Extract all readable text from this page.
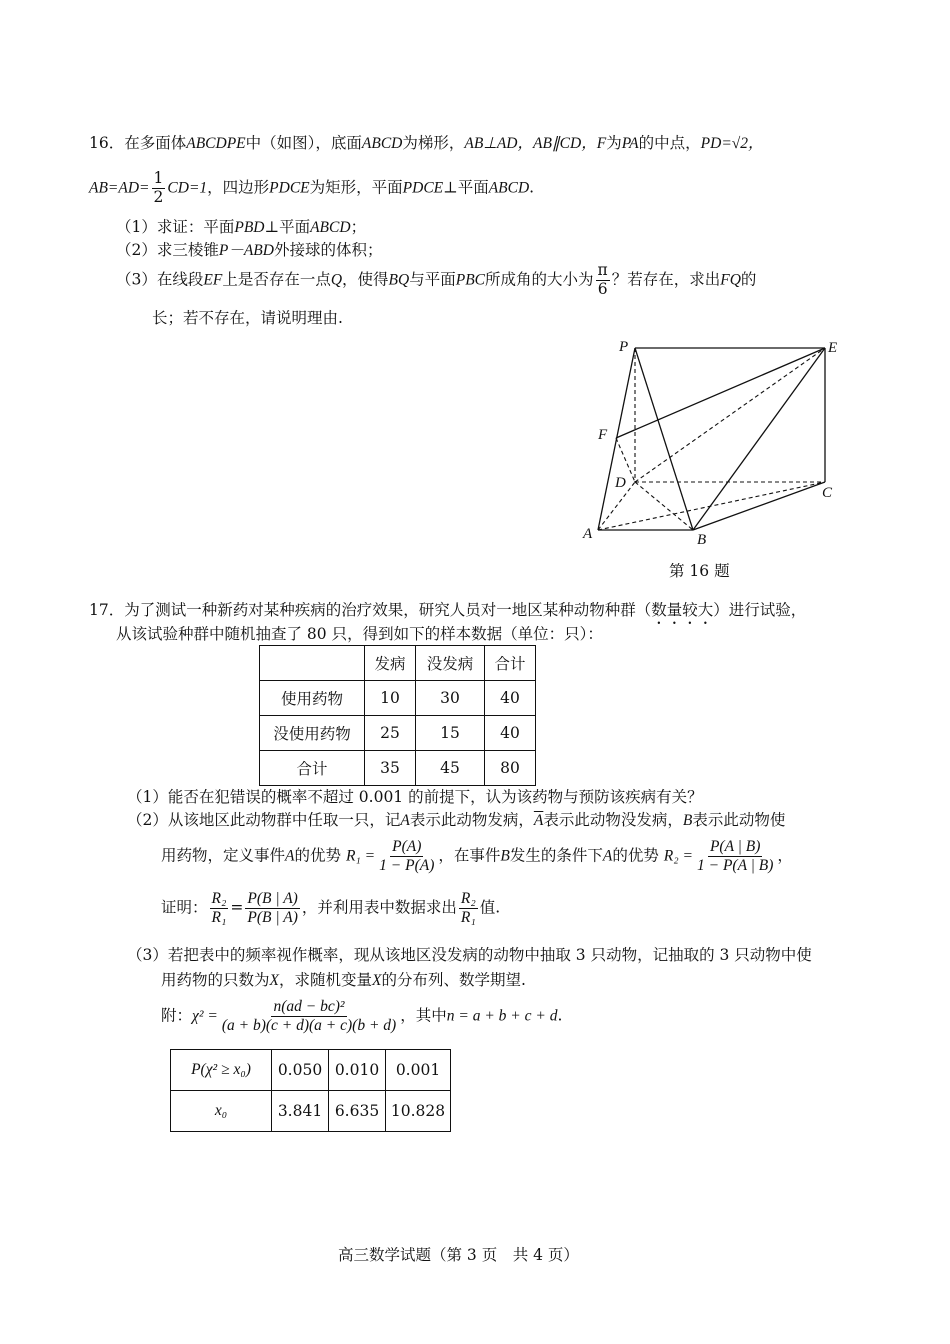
16．在多面体ABCDPE中（如图），底面ABCD为梯形，AB⊥AD，AB∥CD，F为PA的中点，PD=√2，
$AB=AD= \frac{1}{2} CD=1$，四边形PDCE为矩形，平面PDCE⊥平面ABCD.
（1）求证：平面PBD⊥平面ABCD；
（2）求三棱锥P－ABD外接球的体积；
（3）在线段EF上是否存在一点Q，使得BQ与平面PBC所成角的大小为 $\frac{\pi}{6}$ ？若存在，求出FQ的
长；若不存在，请说明理由.
P	E
F
D
C
A	B
第 16 题
17．为了测试一种新药对某种疾病的治疗效果，研究人员对一地区某种动物种群（数量较大）进行试验，
从该试验种群中随机抽查了 80 只，得到如下的样本数据（单位：只）：
	发病	没发病	合计
使用药物	10	30	40
没使用药物	25	15	40
合计	35	45	80
（1）能否在犯错误的概率不超过 0.001 的前提下，认为该药物与预防该疾病有关？
（2）从该地区此动物群中任取一只，记A表示此动物发病，$\overline{A}$表示此动物没发病，B表示此动物使
用药物，定义事件A的优势 $R_1 = \frac{P(A)}{1 - P(A)}$ ，在事件B发生的条件下A的优势 $R_2 = \frac{P(A | B)}{1 - P(A | B)}$ ，
证明： $\frac{\text{R₂}}{\text{R₁}} = \frac{P(B | A)}{P(B | \overline{A})}$ ，并利用表中数据求出 $\frac{\text{R₂}}{\text{R₁}}$ 值.
（3）若把表中的频率视作概率，现从该地区没发病的动物中抽取 3 只动物，记抽取的 3 只动物中使
用药物的只数为X，求随机变量X的分布列、数学期望.
附：$\chi^2 = \frac{\text{n(ad − bc)²}}{(a + b)(c + d)(a + c)(b + d)}$ ，其中n = a + b + c + d.
P(χ² ≥ x₀)	0.050	0.010	0.001
x₀	3.841	6.635	10.828
高三数学试题（第 3 页　共 4 页）
